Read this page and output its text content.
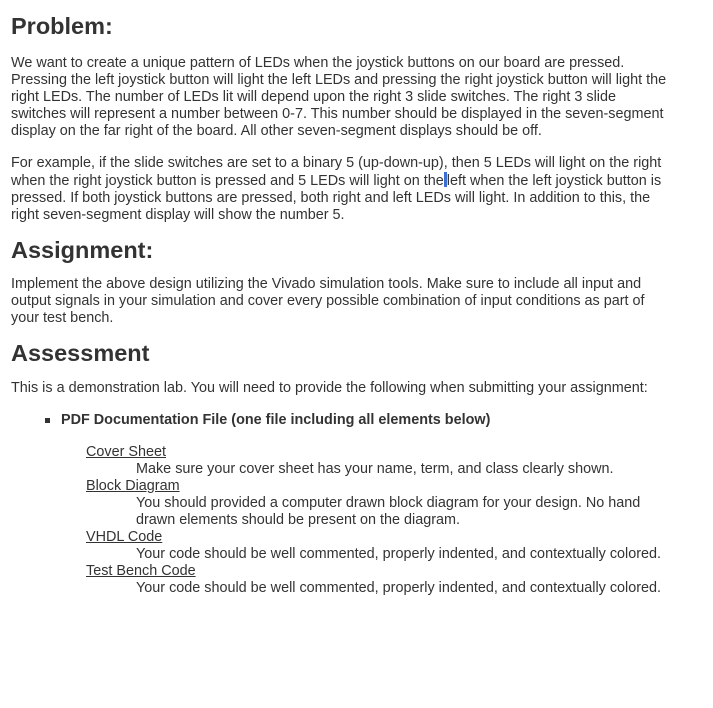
Problem:

We want to create a unique pattern of LEDs when the joystick buttons on our board are pressed. Pressing the left joystick button will light the left LEDs and pressing the right joystick button will light the right LEDs. The number of LEDs lit will depend upon the right 3 slide switches. The right 3 slide switches will represent a number between 0-7. This number should be displayed in the seven-segment display on the far right of the board. All other seven-segment displays should be off.

For example, if the slide switches are set to a binary 5 (up-down-up), then 5 LEDs will light on the right when the right joystick button is pressed and 5 LEDs will light on the left when the left joystick button is pressed. If both joystick buttons are pressed, both right and left LEDs will light. In addition to this, the right seven-segment display will show the number 5.

Assignment:

Implement the above design utilizing the Vivado simulation tools. Make sure to include all input and output signals in your simulation and cover every possible combination of input conditions as part of your test bench.

Assessment

This is a demonstration lab. You will need to provide the following when submitting your assignment:

PDF Documentation File (one file including all elements below)
Cover Sheet
Make sure your cover sheet has your name, term, and class clearly shown.
Block Diagram
You should provided a computer drawn block diagram for your design. No hand drawn elements should be present on the diagram.
VHDL Code
Your code should be well commented, properly indented, and contextually colored.
Test Bench Code
Your code should be well commented, properly indented, and contextually colored.
